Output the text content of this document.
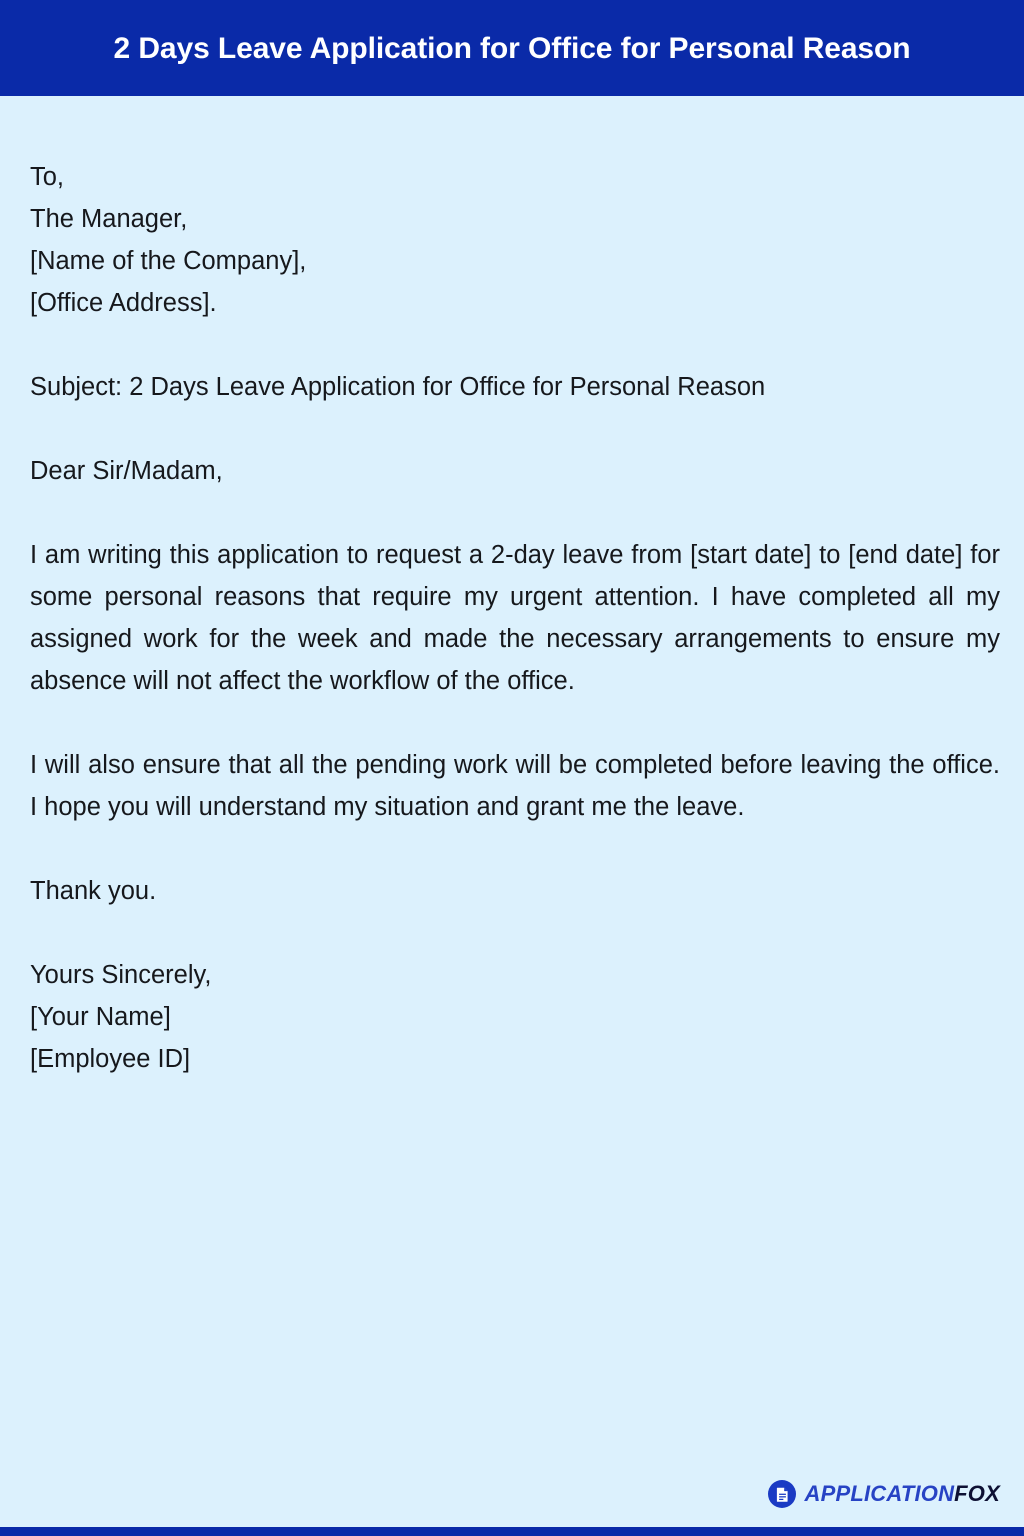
2 Days Leave Application for Office for Personal Reason
To,
The Manager,
[Name of the Company],
[Office Address].
Subject: 2 Days Leave Application for Office for Personal Reason
Dear Sir/Madam,

I am writing this application to request a 2-day leave from [start date] to [end date] for some personal reasons that require my urgent attention. I have completed all my assigned work for the week and made the necessary arrangements to ensure my absence will not affect the workflow of the office.

I will also ensure that all the pending work will be completed before leaving the office. I hope you will understand my situation and grant me the leave.

Thank you.
Yours Sincerely,
[Your Name]
[Employee ID]
APPLICATIONFOX
